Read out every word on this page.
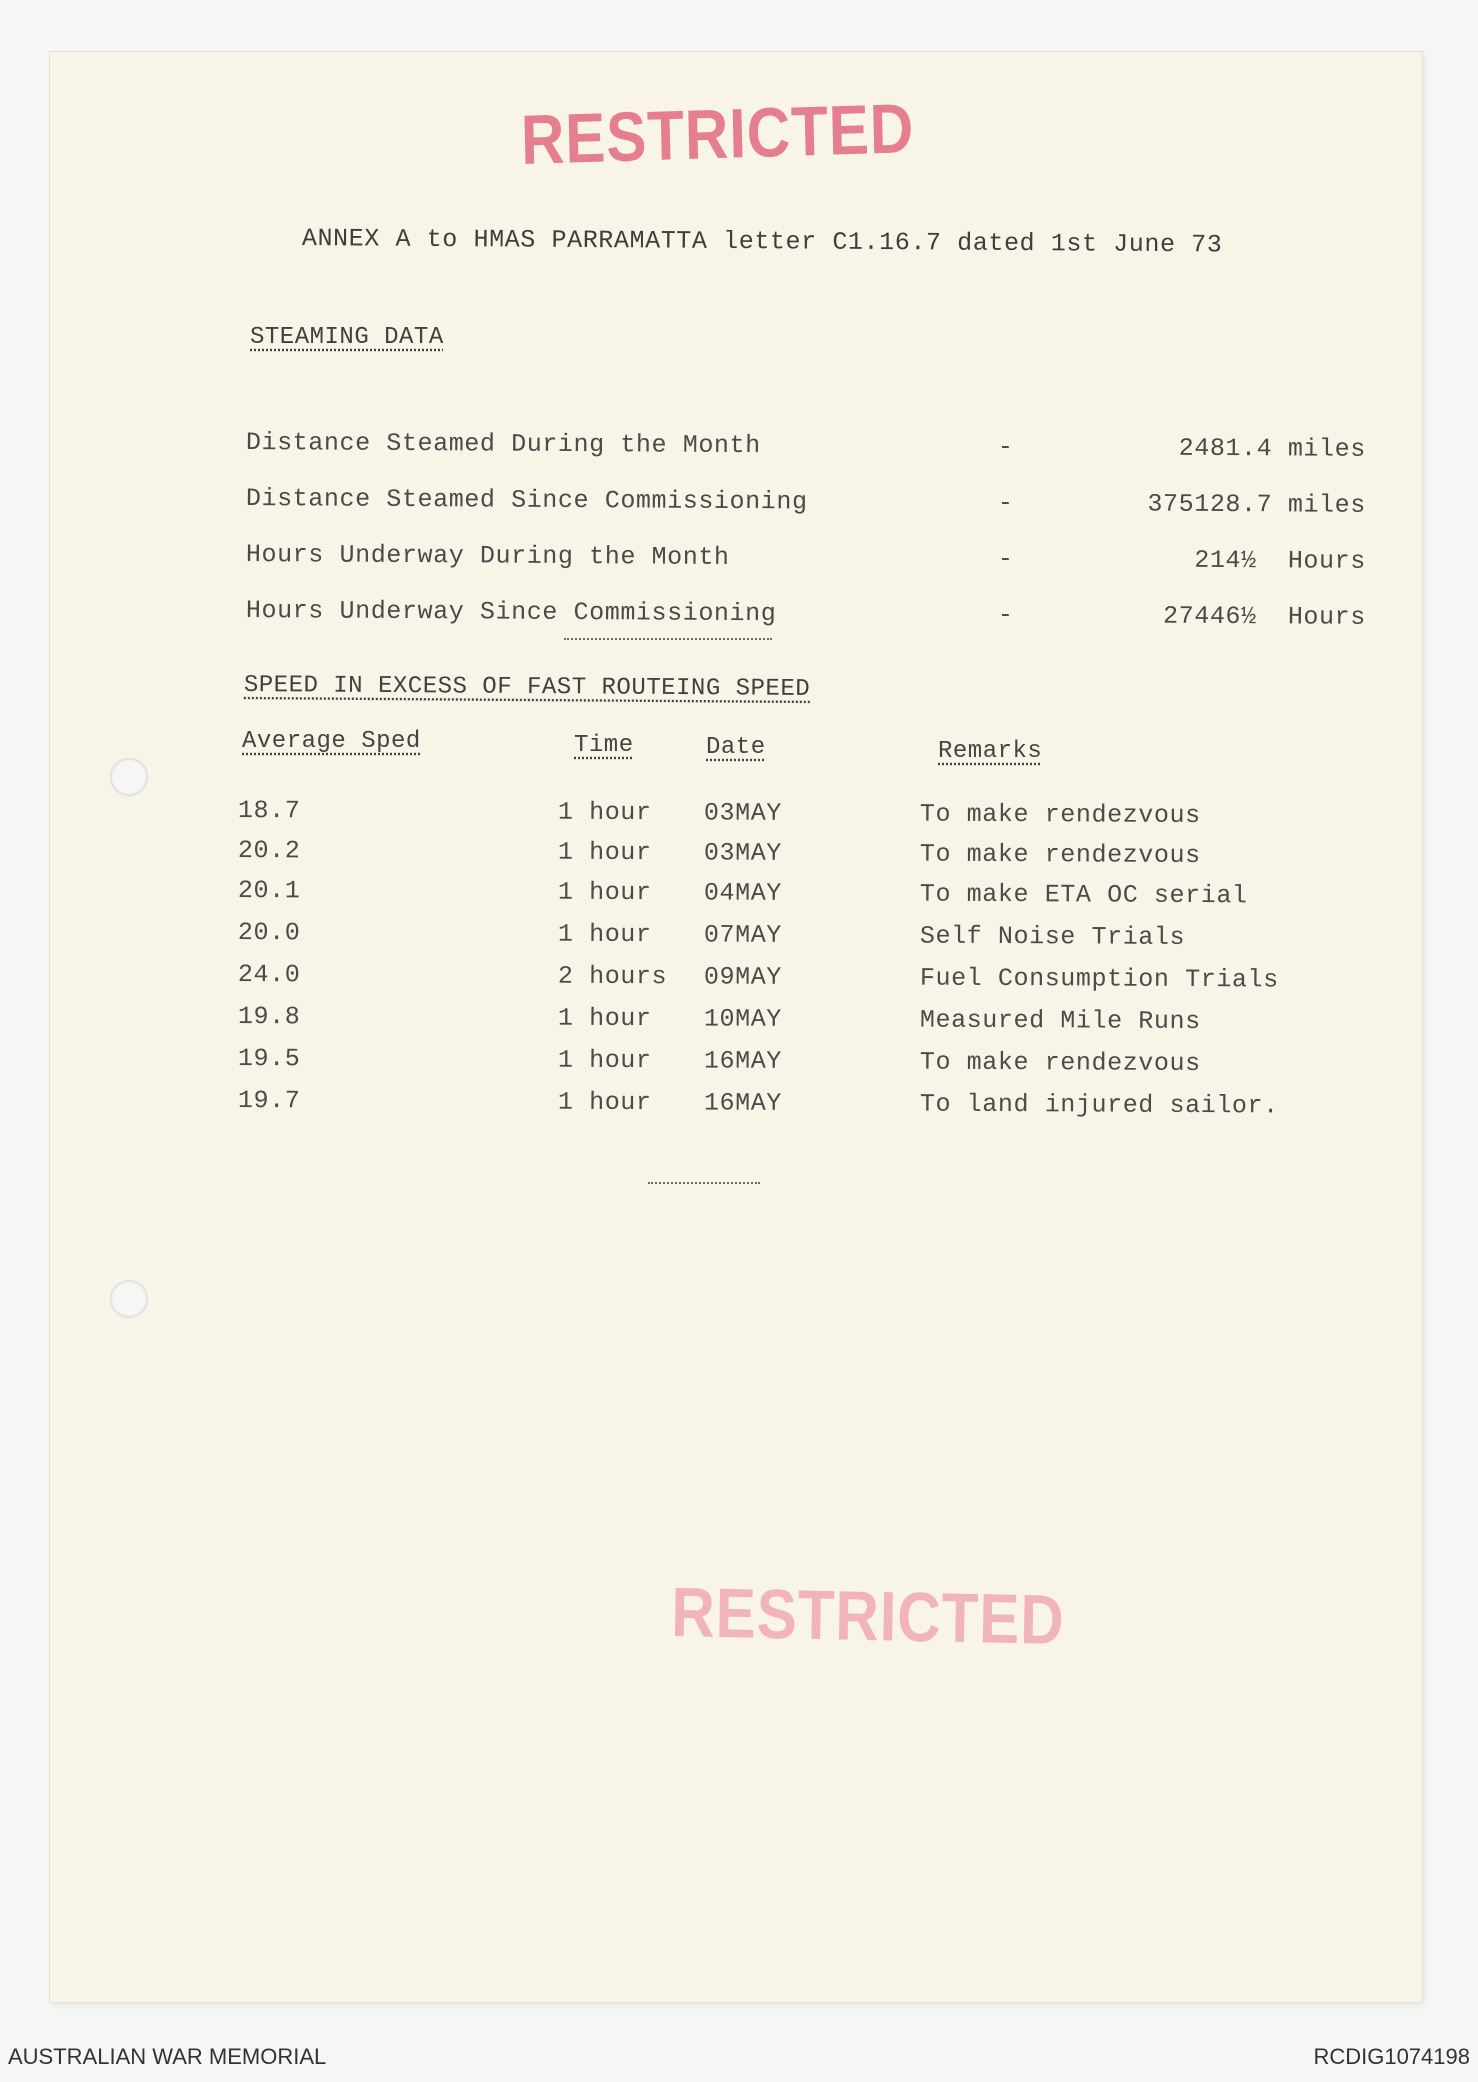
RESTRICTED
ANNEX A to HMAS PARRAMATTA letter C1.16.7 dated 1st June 73
STEAMING DATA
Distance Steamed During the Month	-	2481.4 miles
Distance Steamed Since Commissioning	-	375128.7 miles
Hours Underway During the Month	-	214½  Hours
Hours Underway Since Commissioning	-	27446½  Hours
SPEED IN EXCESS OF FAST ROUTEING SPEED
Average Sped	Time	Date	Remarks
18.7	1 hour 03MAY	To make rendezvous
20.2	1 hour 03MAY	To make rendezvous
20.1	1 hour 04MAY	To make ETA OC serial
20.0	1 hour 07MAY	Self Noise Trials
24.0	2 hours 09MAY	Fuel Consumption Trials
19.8	1 hour 10MAY	Measured Mile Runs
19.5	1 hour 16MAY	To make rendezvous
19.7	1 hour 16MAY	To land injured sailor.
RESTRICTED
AUSTRALIAN WAR MEMORIAL	RCDIG1074198
